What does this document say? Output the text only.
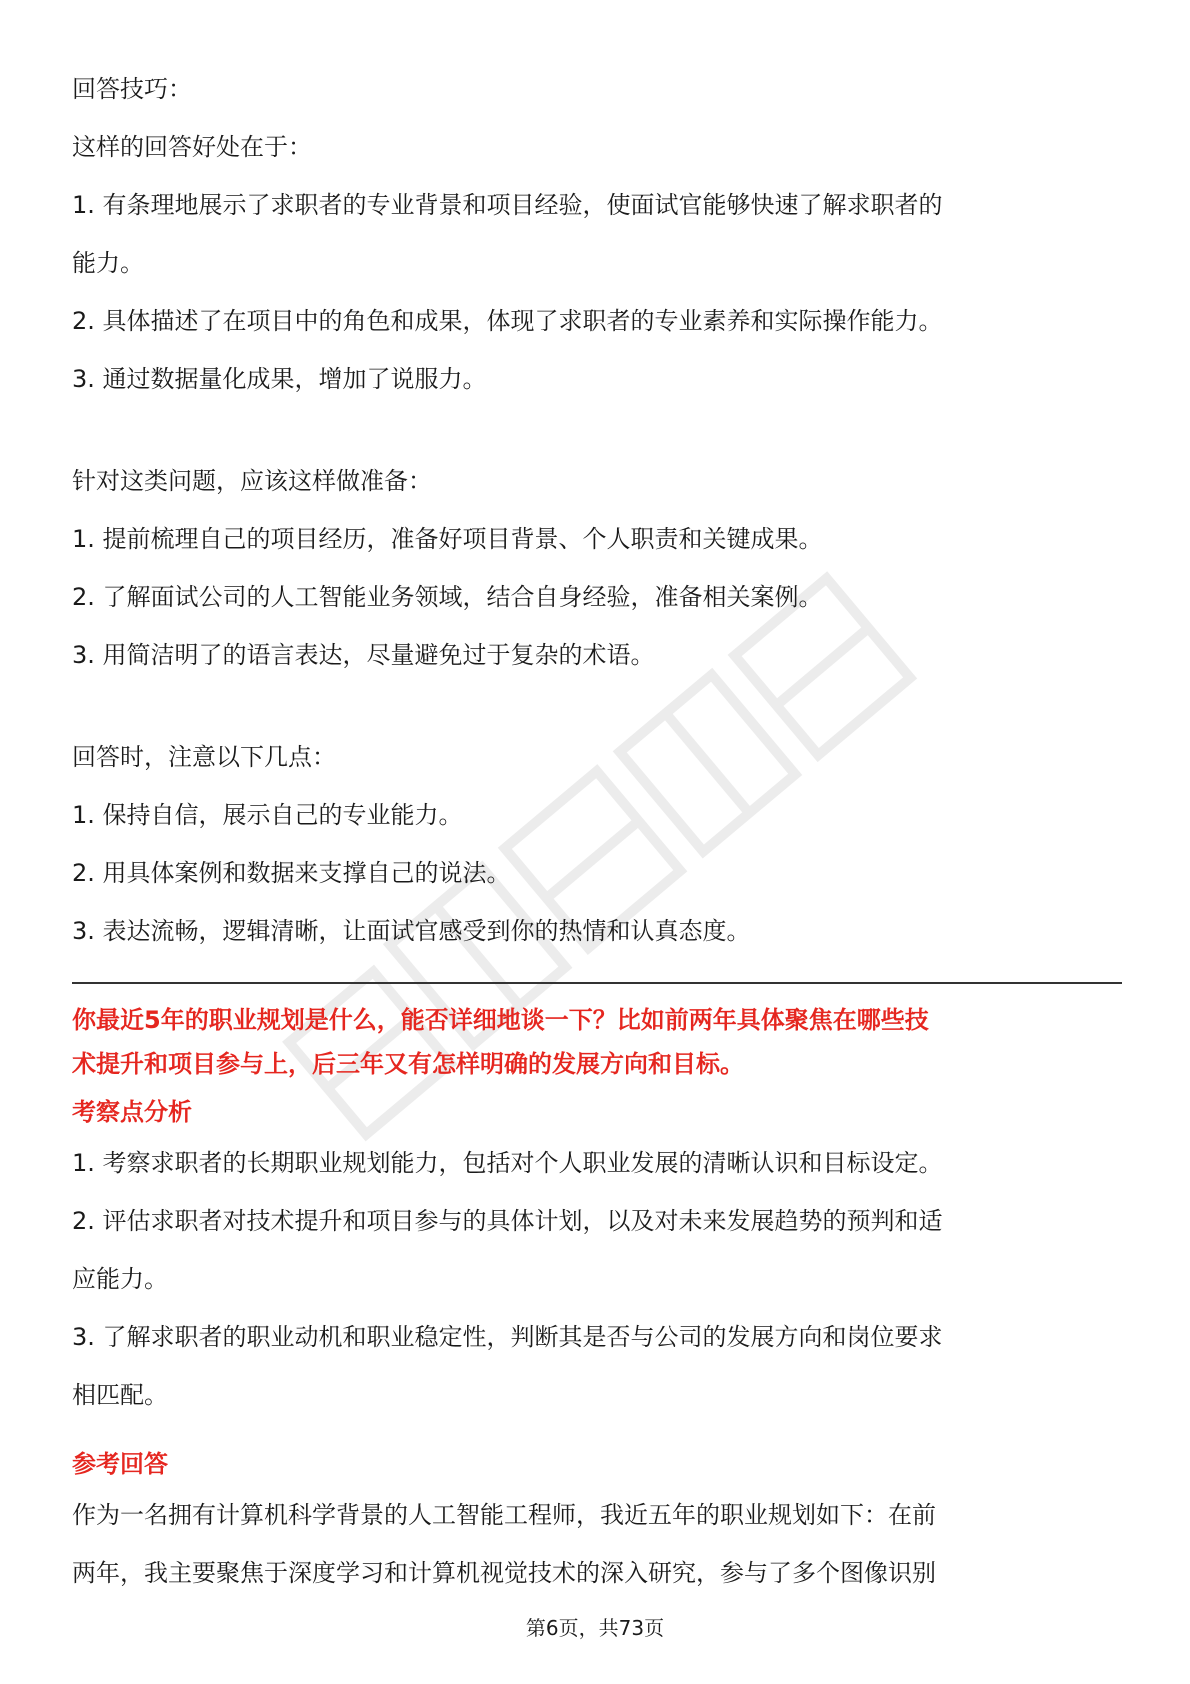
回答技巧：

这样的回答好处在于：

1. 有条理地展示了求职者的专业背景和项目经验，使面试官能够快速了解求职者的

能力。

2. 具体描述了在项目中的角色和成果，体现了求职者的专业素养和实际操作能力。

3. 通过数据量化成果，增加了说服力。

针对这类问题，应该这样做准备：

1. 提前梳理自己的项目经历，准备好项目背景、个人职责和关键成果。

2. 了解面试公司的人工智能业务领域，结合自身经验，准备相关案例。

3. 用简洁明了的语言表达，尽量避免过于复杂的术语。

回答时，注意以下几点：

1. 保持自信，展示自己的专业能力。

2. 用具体案例和数据来支撑自己的说法。

3. 表达流畅，逻辑清晰，让面试官感受到你的热情和认真态度。

你最近5年的职业规划是什么，能否详细地谈一下？比如前两年具体聚焦在哪些技

术提升和项目参与上，后三年又有怎样明确的发展方向和目标。

考察点分析

1. 考察求职者的长期职业规划能力，包括对个人职业发展的清晰认识和目标设定。

2. 评估求职者对技术提升和项目参与的具体计划，以及对未来发展趋势的预判和适

应能力。

3. 了解求职者的职业动机和职业稳定性，判断其是否与公司的发展方向和岗位要求

相匹配。

参考回答

作为一名拥有计算机科学背景的人工智能工程师，我近五年的职业规划如下：在前

两年，我主要聚焦于深度学习和计算机视觉技术的深入研究，参与了多个图像识别

第6页，共73页
